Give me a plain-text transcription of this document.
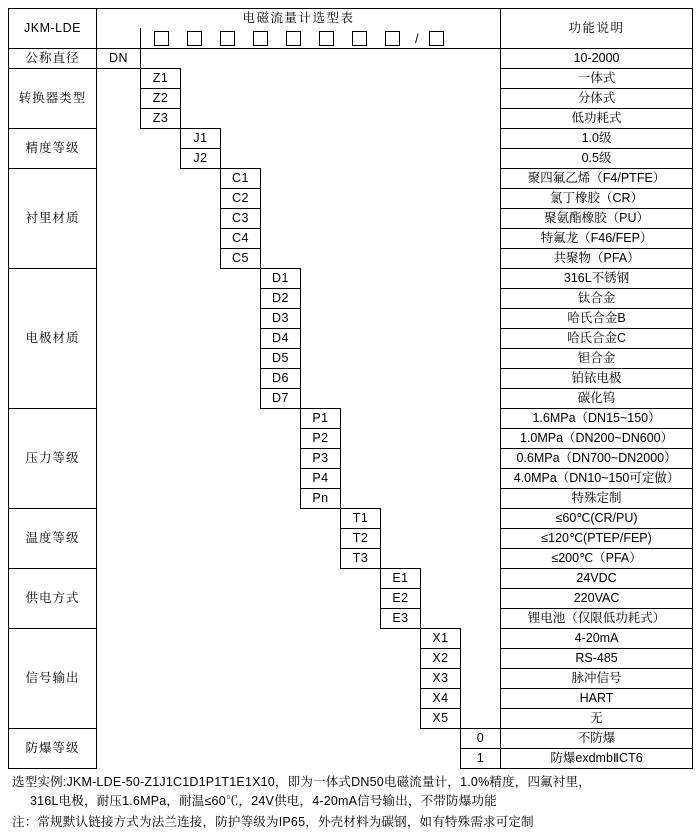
JKM-LDE	电磁流量计选型表										功能说明	

		/										

公称直径	DN										10-2000	
转换器类型		Z1									一体式	
		Z2									分体式	
		Z3									低功耗式	
精度等级			J1								1.0级	
			J2								0.5级	
衬里材质				C1							聚四氟乙烯（F4/PTFE）	
				C2							氯丁橡胶（CR）	
				C3							聚氨酯橡胶（PU）	
				C4							特氟龙（F46/FEP）	
				C5							共聚物（PFA）	
电极材质					D1						316L不锈钢	
					D2						钛合金	
					D3						哈氏合金B	
					D4						哈氏合金C	
					D5						钽合金	
					D6						铂铱电极	
					D7						碳化钨	
压力等级						P1					1.6MPa（DN15~150）	
						P2					1.0MPa（DN200~DN600）	
						P3					0.6MPa（DN700~DN2000）	
						P4					4.0MPa（DN10~150可定做）	
						Pn					特殊定制	
温度等级							T1				≤60℃(CR/PU)	
							T2				≤120℃(PTEP/FEP)	
							T3				≤200℃（PFA）	
供电方式								E1			24VDC	
								E2			220VAC	
								E3			锂电池（仅限低功耗式）	
信号输出									X1		4-20mA	
									X2		RS-485	
									X3		脉冲信号	
									X4		HART	
									X5		无	
防爆等级										0	不防爆	
										1	防爆exdmbⅡCT6	
选型实例:JKM-LDE-50-Z1J1C1D1P1T1E1X10，即为一体式DN50电磁流量计，1.0%精度，四氟衬里，
316L电极，耐压1.6MPa，耐温≤60℃，24V供电，4-20mA信号输出，不带防爆功能
注：常规默认链接方式为法兰连接，防护等级为IP65，外壳材料为碳钢，如有特殊需求可定制
